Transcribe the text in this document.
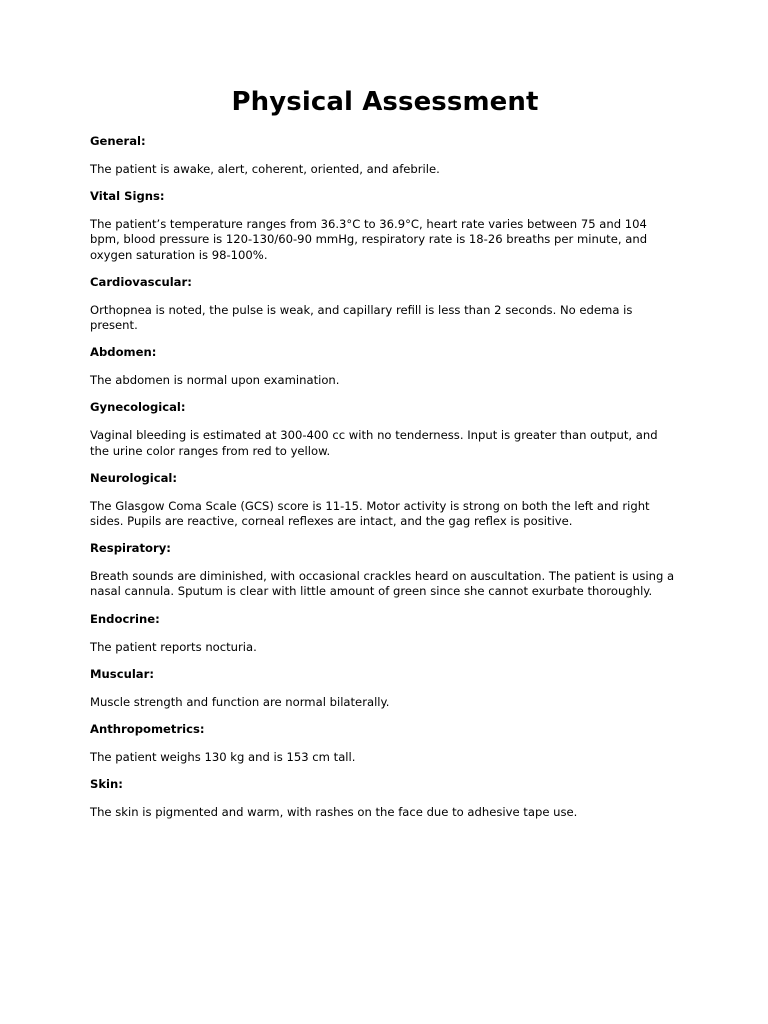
Physical Assessment
General:

The patient is awake, alert, coherent, oriented, and afebrile.

Vital Signs:

The patient’s temperature ranges from 36.3°C to 36.9°C, heart rate varies between 75 and 104 bpm, blood pressure is 120-130/60-90 mmHg, respiratory rate is 18-26 breaths per minute, and oxygen saturation is 98-100%.

Cardiovascular:

Orthopnea is noted, the pulse is weak, and capillary refill is less than 2 seconds. No edema is present.

Abdomen:

The abdomen is normal upon examination.

Gynecological:

Vaginal bleeding is estimated at 300-400 cc with no tenderness. Input is greater than output, and the urine color ranges from red to yellow.

Neurological:

The Glasgow Coma Scale (GCS) score is 11-15. Motor activity is strong on both the left and right sides. Pupils are reactive, corneal reflexes are intact, and the gag reflex is positive.

Respiratory:

Breath sounds are diminished, with occasional crackles heard on auscultation. The patient is using a nasal cannula. Sputum is clear with little amount of green since she cannot exurbate thoroughly.

Endocrine:

The patient reports nocturia.

Muscular:

Muscle strength and function are normal bilaterally.

Anthropometrics:

The patient weighs 130 kg and is 153 cm tall.

Skin:

The skin is pigmented and warm, with rashes on the face due to adhesive tape use.
